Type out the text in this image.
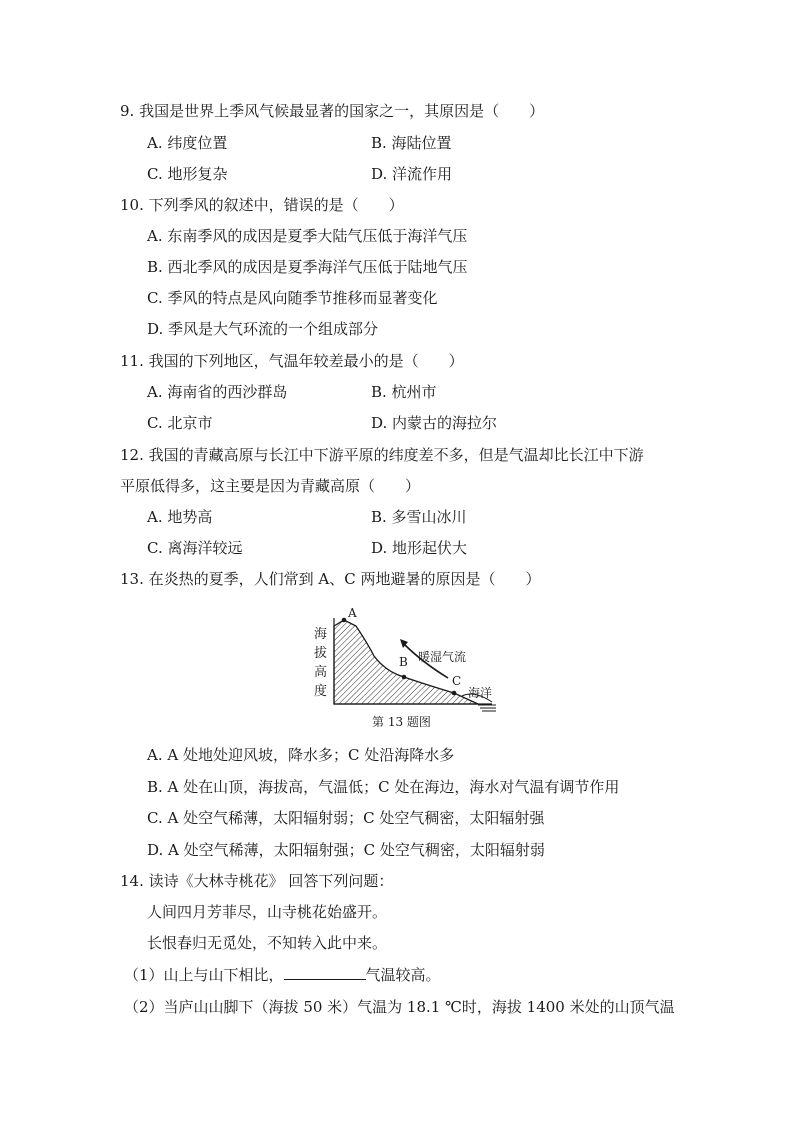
9. 我国是世界上季风气候最显著的国家之一，其原因是（　　）
A. 纬度位置	B. 海陆位置
C. 地形复杂	D. 洋流作用
10. 下列季风的叙述中，错误的是（　　）
A. 东南季风的成因是夏季大陆气压低于海洋气压
B. 西北季风的成因是夏季海洋气压低于陆地气压
C. 季风的特点是风向随季节推移而显著变化
D. 季风是大气环流的一个组成部分
11. 我国的下列地区，气温年较差最小的是（　　）
A. 海南省的西沙群岛	B. 杭州市
C. 北京市	D. 内蒙古的海拉尔
12. 我国的青藏高原与长江中下游平原的纬度差不多，但是气温却比长江中下游
平原低得多，这主要是因为青藏高原（　　）
A. 地势高	B. 多雪山冰川
C. 离海洋较远	D. 地形起伏大
13. 在炎热的夏季，人们常到 A、C 两地避暑的原因是（　　）
海 拔 高 度
A
B
C
暖湿气流
海洋
第 13 题图
A. A 处地处迎风坡，降水多；C 处沿海降水多
B. A 处在山顶，海拔高，气温低；C 处在海边，海水对气温有调节作用
C. A 处空气稀薄，太阳辐射弱；C 处空气稠密，太阳辐射强
D. A 处空气稀薄，太阳辐射强；C 处空气稠密，太阳辐射弱
14. 读诗《大林寺桃花》 回答下列问题：
人间四月芳菲尽，山寺桃花始盛开。
长恨春归无觅处，不知转入此中来。
（1）山上与山下相比，	气温较高。
（2）当庐山山脚下（海拔 50 米）气温为 18.1 ℃时，海拔 1400 米处的山顶气温
